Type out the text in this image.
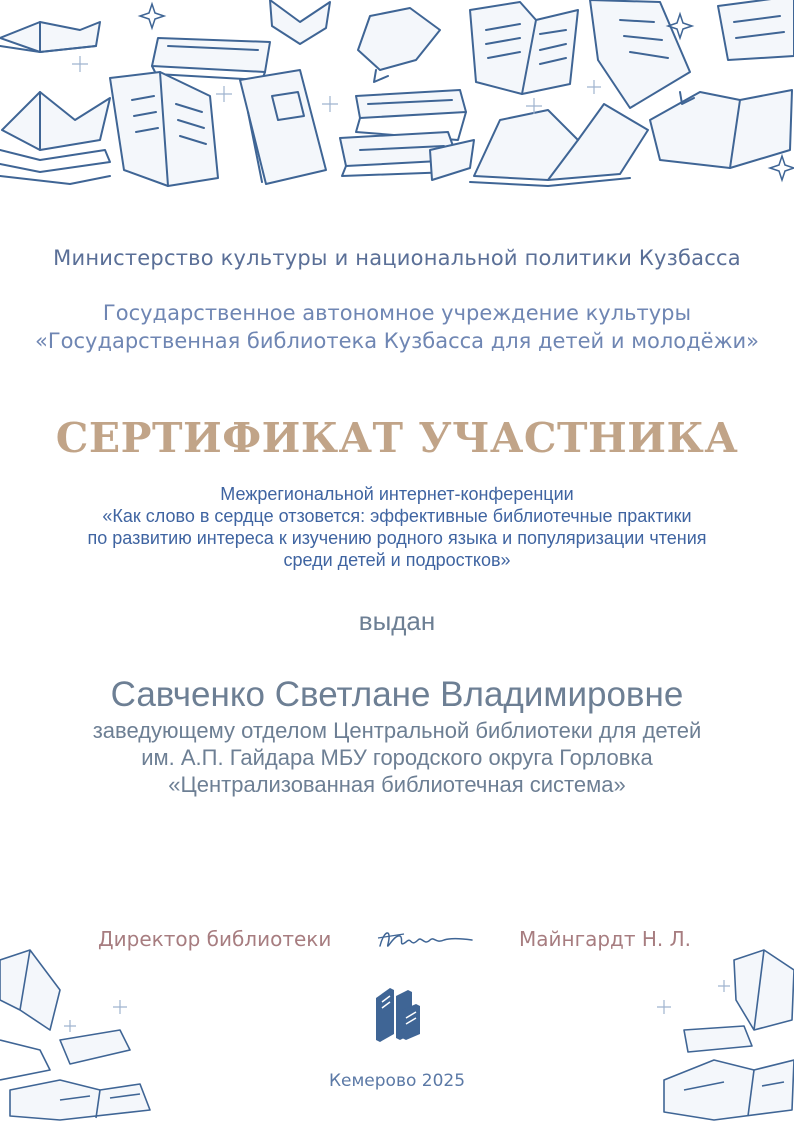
Министерство культуры и национальной политики Кузбасса
Государственное автономное учреждение культуры
«Государственная библиотека Кузбасса для детей и молодёжи»
СЕРТИФИКАТ УЧАСТНИКА
Межрегиональной интернет-конференции
«Как слово в сердце отзовется: эффективные библиотечные практики
по развитию интереса к изучению родного языка и популяризации чтения
среди детей и подростков»
выдан
Савченко Светлане Владимировне
заведующему отделом Центральной библиотеки для детей
им. А.П. Гайдара МБУ городского округа Горловка
«Централизованная библиотечная система»
Директор библиотеки	Майнгардт Н. Л.
Кемерово 2025
